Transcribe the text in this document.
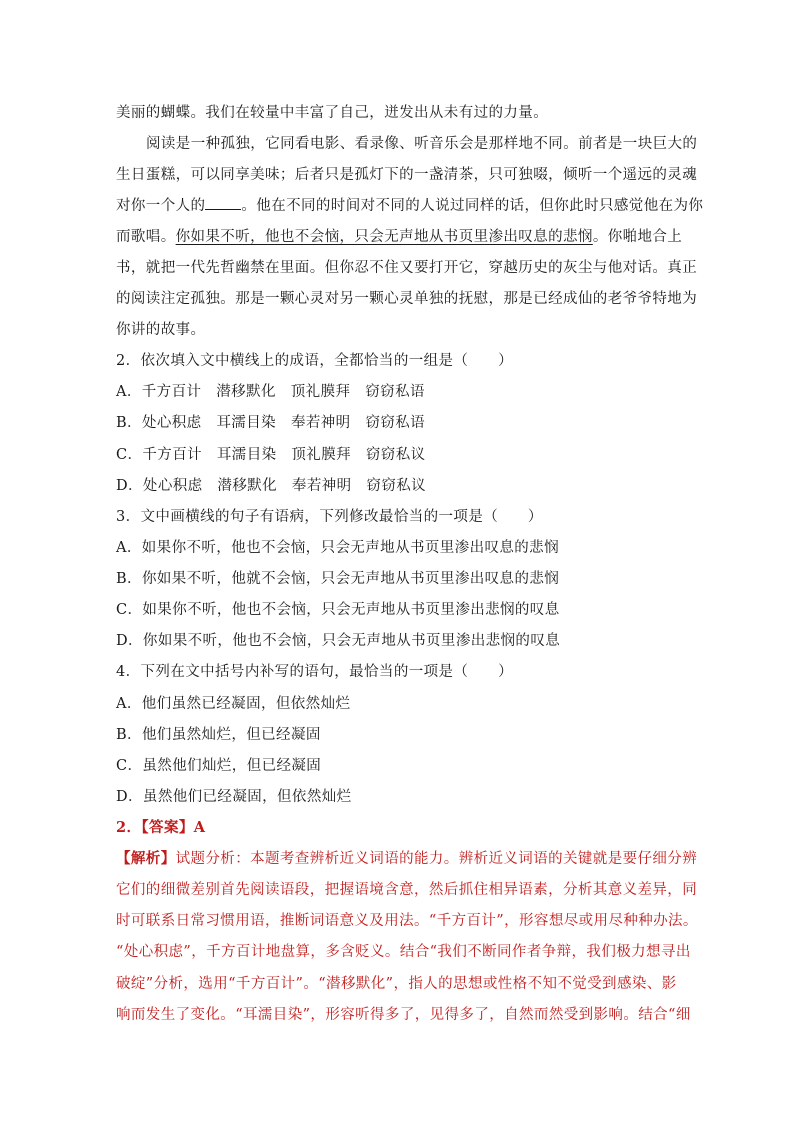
美丽的蝴蝶。我们在较量中丰富了自己，迸发出从未有过的力量。
阅读是一种孤独，它同看电影、看录像、听音乐会是那样地不同。前者是一块巨大的
生日蛋糕，可以同享美味；后者只是孤灯下的一盏清茶，只可独啜，倾听一个遥远的灵魂
对你一个人的 。他在不同的时间对不同的人说过同样的话，但你此时只感觉他在为你
而歌唱。你如果不听，他也不会恼，只会无声地从书页里渗出叹息的悲悯。你啪地合上
书，就把一代先哲幽禁在里面。但你忍不住又要打开它，穿越历史的灰尘与他对话。真正
的阅读注定孤独。那是一颗心灵对另一颗心灵单独的抚慰，那是已经成仙的老爷爷特地为
你讲的故事。
2．依次填入文中横线上的成语，全都恰当的一组是（　　）
A．千方百计　潜移默化　顶礼膜拜　窃窃私语
B．处心积虑　耳濡目染　奉若神明　窃窃私语
C．千方百计　耳濡目染　顶礼膜拜　窃窃私议
D．处心积虑　潜移默化　奉若神明　窃窃私议
3．文中画横线的句子有语病，下列修改最恰当的一项是（　　）
A．如果你不听，他也不会恼，只会无声地从书页里渗出叹息的悲悯
B．你如果不听，他就不会恼，只会无声地从书页里渗出叹息的悲悯
C．如果你不听，他也不会恼，只会无声地从书页里渗出悲悯的叹息
D．你如果不听，他也不会恼，只会无声地从书页里渗出悲悯的叹息
4．下列在文中括号内补写的语句，最恰当的一项是（　　）
A．他们虽然已经凝固，但依然灿烂
B．他们虽然灿烂，但已经凝固
C．虽然他们灿烂，但已经凝固
D．虽然他们已经凝固，但依然灿烂
2．【答案】A
【解析】试题分析：本题考查辨析近义词语的能力。辨析近义词语的关键就是要仔细分辨
它们的细微差别首先阅读语段，把握语境含意，然后抓住相异语素，分析其意义差异，同
时可联系日常习惯用语，推断词语意义及用法。“千方百计”，形容想尽或用尽种种办法。
“处心积虑”，千方百计地盘算，多含贬义。结合“我们不断同作者争辩，我们极力想寻出
破绽”分析，选用“千方百计”。“潜移默化”，指人的思想或性格不知不觉受到感染、影
响而发生了变化。“耳濡目染”，形容听得多了，见得多了，自然而然受到影响。结合“细
